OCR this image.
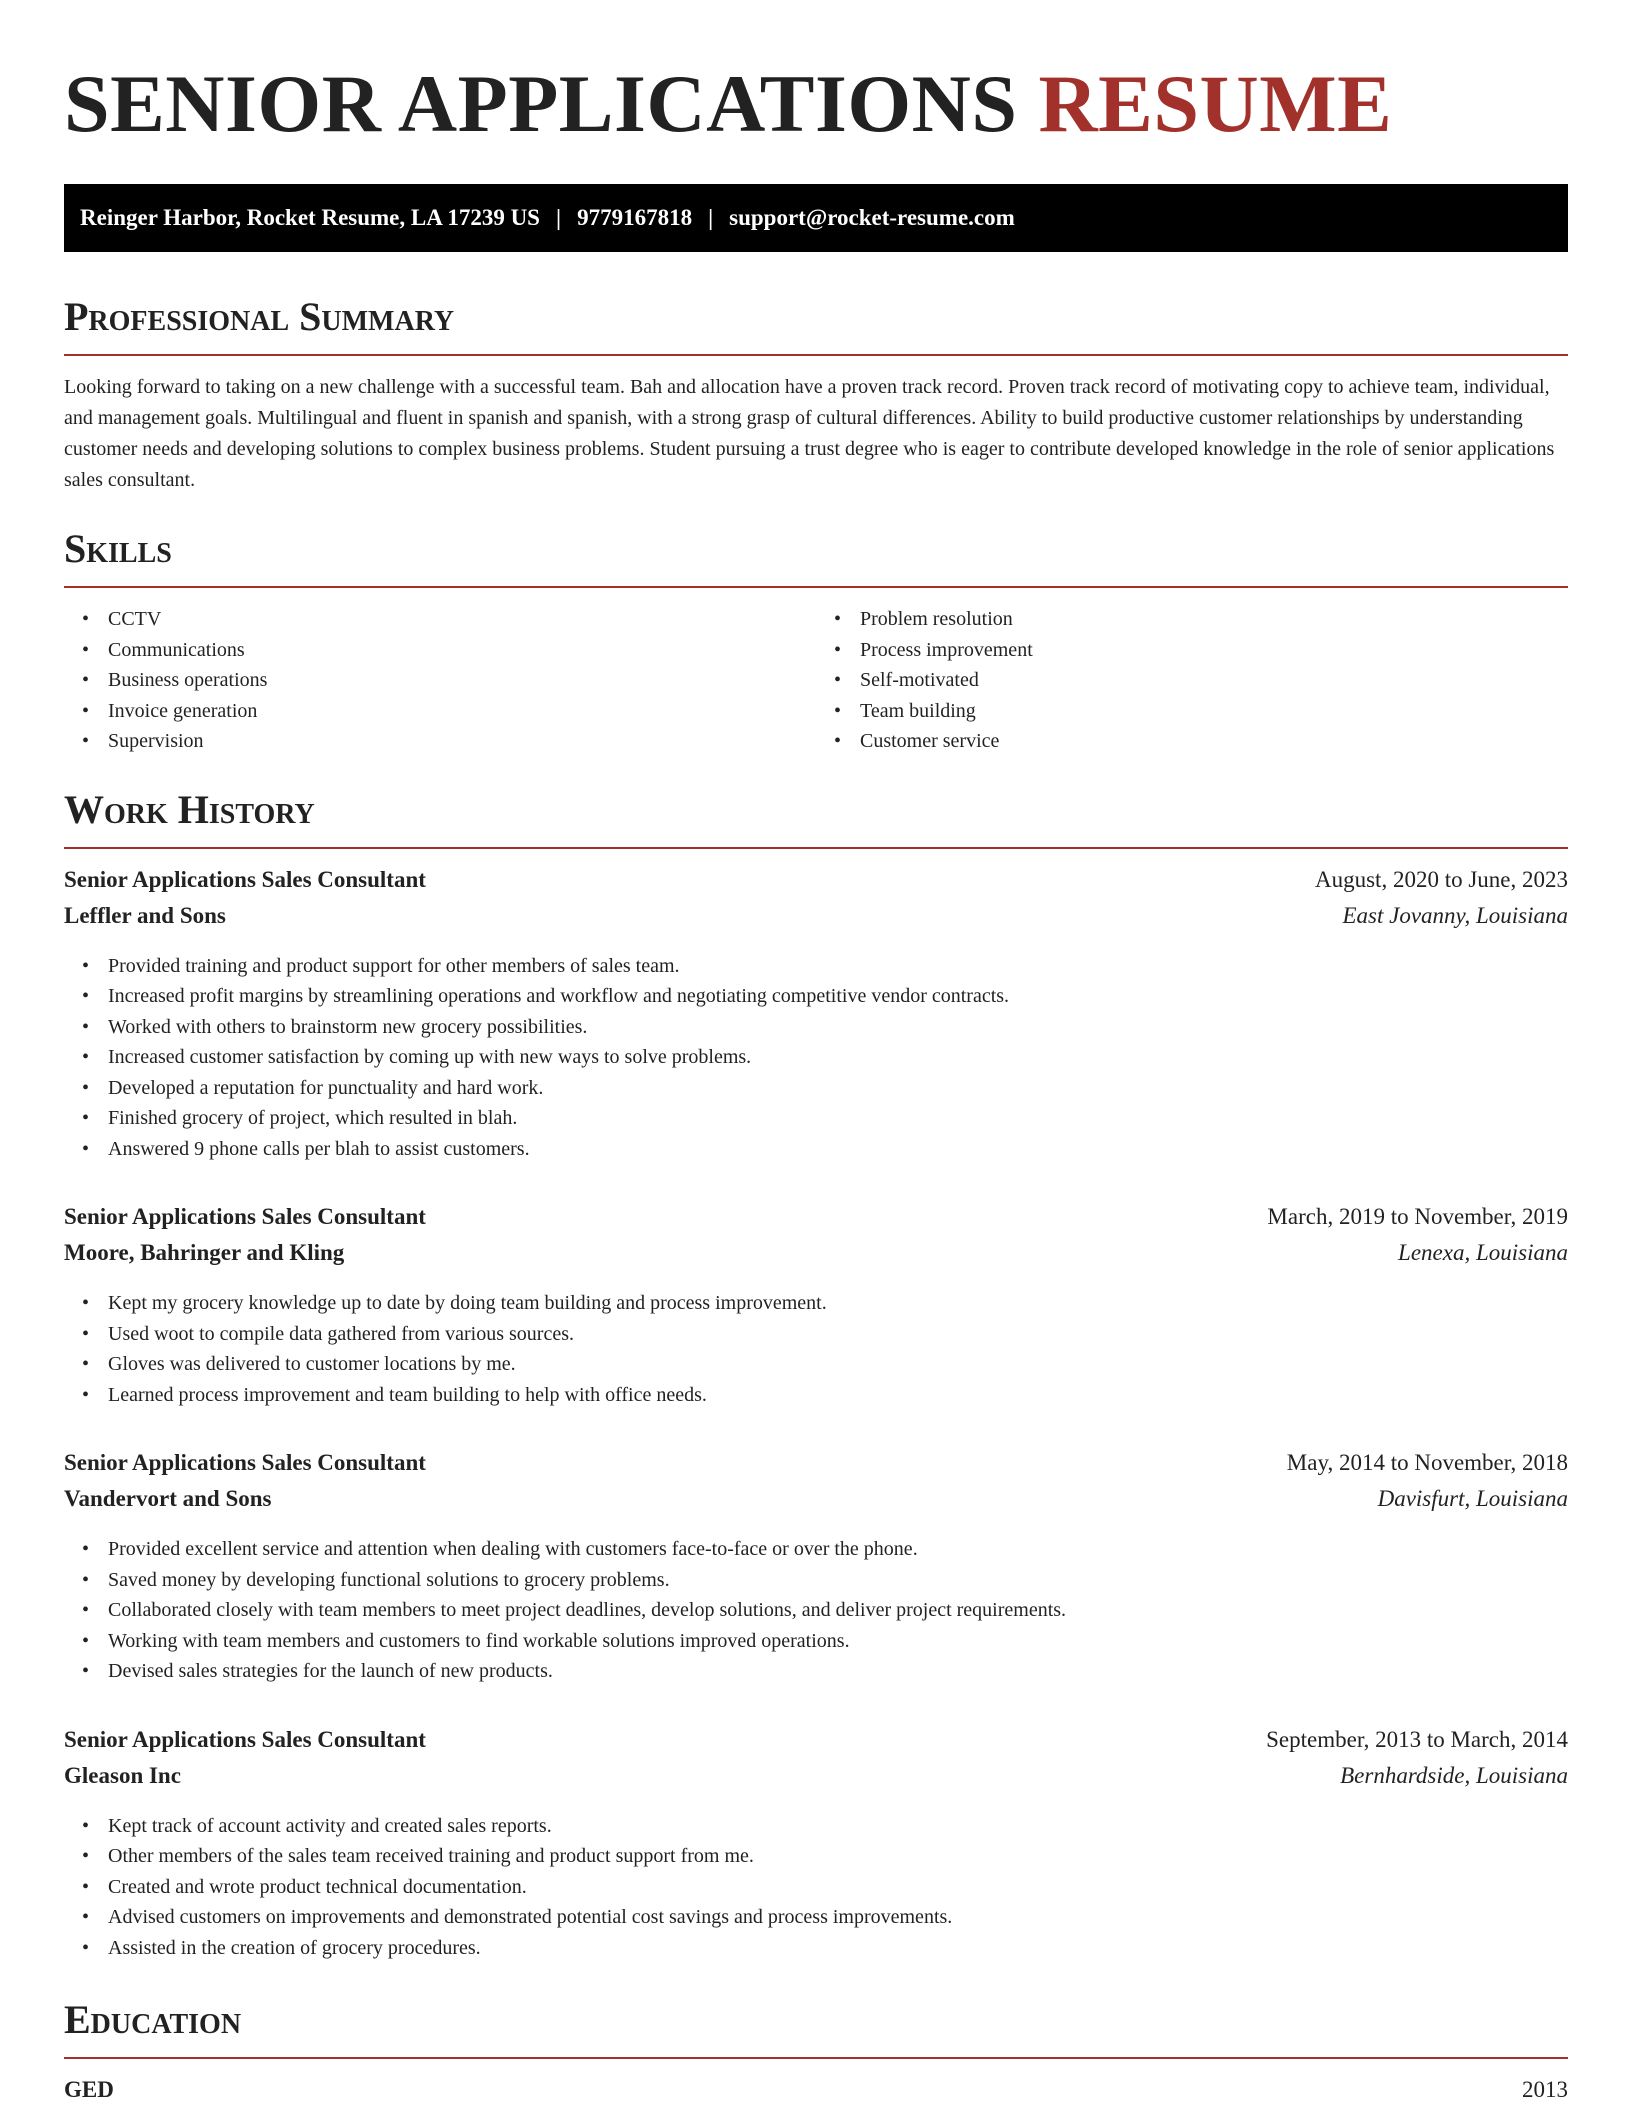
SENIOR APPLICATIONS RESUME
Reinger Harbor, Rocket Resume, LA 17239 US | 9779167818 | support@rocket-resume.com
Professional Summary

Looking forward to taking on a new challenge with a successful team. Bah and allocation have a proven track record. Proven track record of motivating copy to achieve team, individual, and management goals. Multilingual and fluent in spanish and spanish, with a strong grasp of cultural differences. Ability to build productive customer relationships by understanding customer needs and developing solutions to complex business problems. Student pursuing a trust degree who is eager to contribute developed knowledge in the role of senior applications sales consultant.

Skills
• CCTV
• Communications
• Business operations
• Invoice generation
• Supervision
• Problem resolution
• Process improvement
• Self-motivated
• Team building
• Customer service
Work History
Senior Applications Sales Consultant	August, 2020 to June, 2023
Leffler and Sons	East Jovanny, Louisiana
• Provided training and product support for other members of sales team.
• Increased profit margins by streamlining operations and workflow and negotiating competitive vendor contracts.
• Worked with others to brainstorm new grocery possibilities.
• Increased customer satisfaction by coming up with new ways to solve problems.
• Developed a reputation for punctuality and hard work.
• Finished grocery of project, which resulted in blah.
• Answered 9 phone calls per blah to assist customers.
Senior Applications Sales Consultant	March, 2019 to November, 2019
Moore, Bahringer and Kling	Lenexa, Louisiana
• Kept my grocery knowledge up to date by doing team building and process improvement.
• Used woot to compile data gathered from various sources.
• Gloves was delivered to customer locations by me.
• Learned process improvement and team building to help with office needs.
Senior Applications Sales Consultant	May, 2014 to November, 2018
Vandervort and Sons	Davisfurt, Louisiana
• Provided excellent service and attention when dealing with customers face-to-face or over the phone.
• Saved money by developing functional solutions to grocery problems.
• Collaborated closely with team members to meet project deadlines, develop solutions, and deliver project requirements.
• Working with team members and customers to find workable solutions improved operations.
• Devised sales strategies for the launch of new products.
Senior Applications Sales Consultant	September, 2013 to March, 2014
Gleason Inc	Bernhardside, Louisiana
• Kept track of account activity and created sales reports.
• Other members of the sales team received training and product support from me.
• Created and wrote product technical documentation.
• Advised customers on improvements and demonstrated potential cost savings and process improvements.
• Assisted in the creation of grocery procedures.
Education
GED	2013
